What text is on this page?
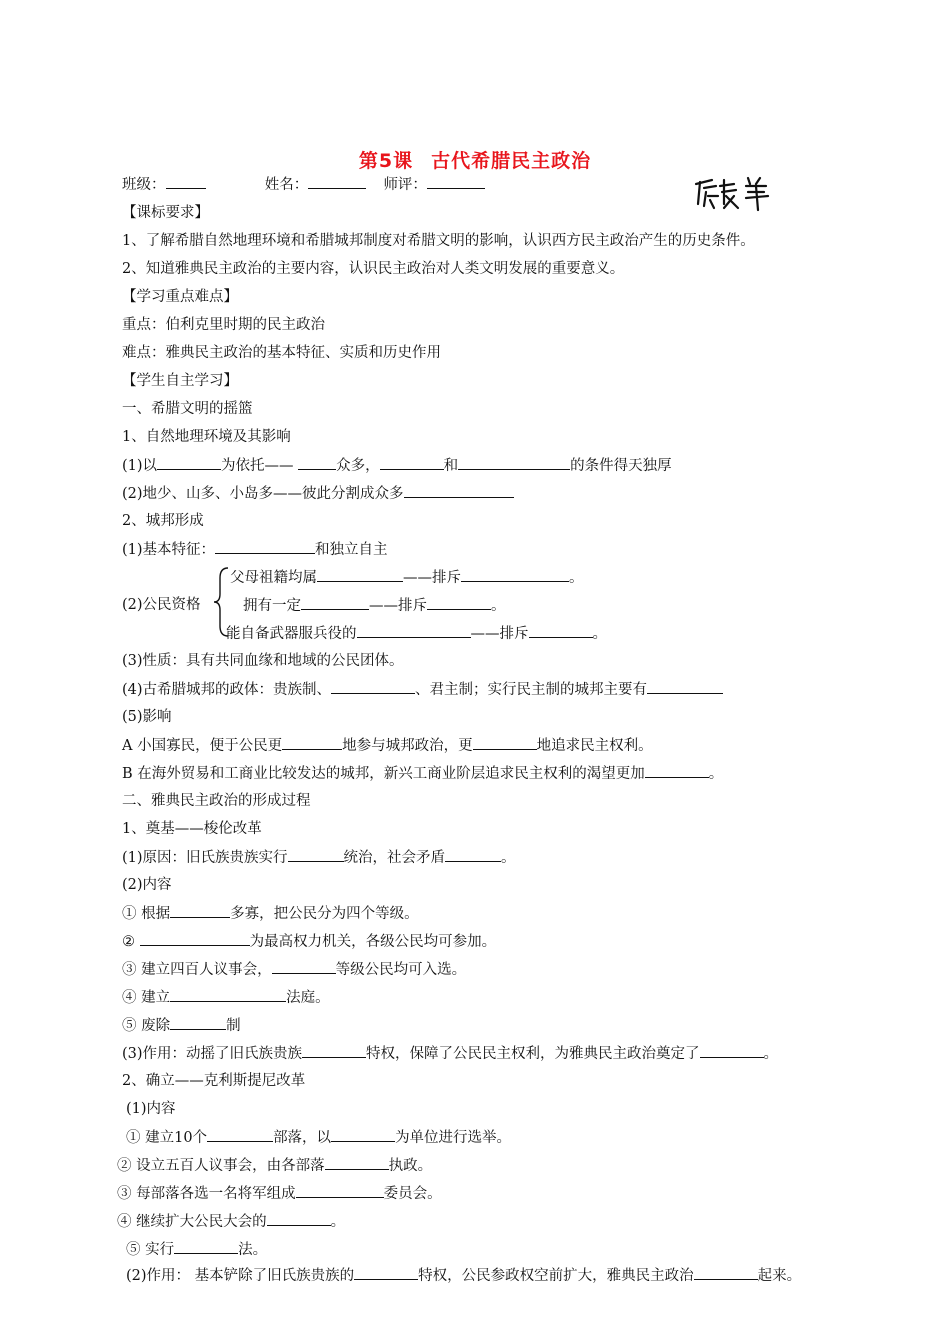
第5课 古代希腊民主政治
班级：	姓名：	师评：
【课标要求】
1、了解希腊自然地理环境和希腊城邦制度对希腊文明的影响，认识西方民主政治产生的历史条件。
2、知道雅典民主政治的主要内容，认识民主政治对人类文明发展的重要意义。
【学习重点难点】
重点：伯利克里时期的民主政治
难点：雅典民主政治的基本特征、实质和历史作用
【学生自主学习】
一、希腊文明的摇篮
1、自然地理环境及其影响
(1)以	为依托——	众多，	和	的条件得天独厚
(2)地少、山多、小岛多——彼此分割成众多
2、城邦形成
(1)基本特征：	和独立自主
(2)公民资格
父母祖籍均属	——排斥	。
拥有一定	——排斥	。
能自备武器服兵役的	——排斥	。
(3)性质：具有共同血缘和地域的公民团体。
(4)古希腊城邦的政体：贵族制、	、君主制；实行民主制的城邦主要有
(5)影响
A 小国寡民，便于公民更	地参与城邦政治，更	地追求民主权利。
B 在海外贸易和工商业比较发达的城邦，新兴工商业阶层追求民主权利的渴望更加	。
二、雅典民主政治的形成过程
1、奠基——梭伦改革
(1)原因：旧氏族贵族实行	统治，社会矛盾	。
(2)内容
① 根据	多寡，把公民分为四个等级。
②	为最高权力机关，各级公民均可参加。
③ 建立四百人议事会，	等级公民均可入选。
④ 建立	法庭。
⑤ 废除	制
(3)作用：动摇了旧氏族贵族	特权，保障了公民民主权利，为雅典民主政治奠定了	。
2、确立——克利斯提尼改革
(1)内容
① 建立10个	部落，以	为单位进行选举。
② 设立五百人议事会，由各部落	执政。
③ 每部落各选一名将军组成	委员会。
④ 继续扩大公民大会的	。
⑤ 实行	法。
(2)作用： 基本铲除了旧氏族贵族的	特权，公民参政权空前扩大，雅典民主政治	起来。
